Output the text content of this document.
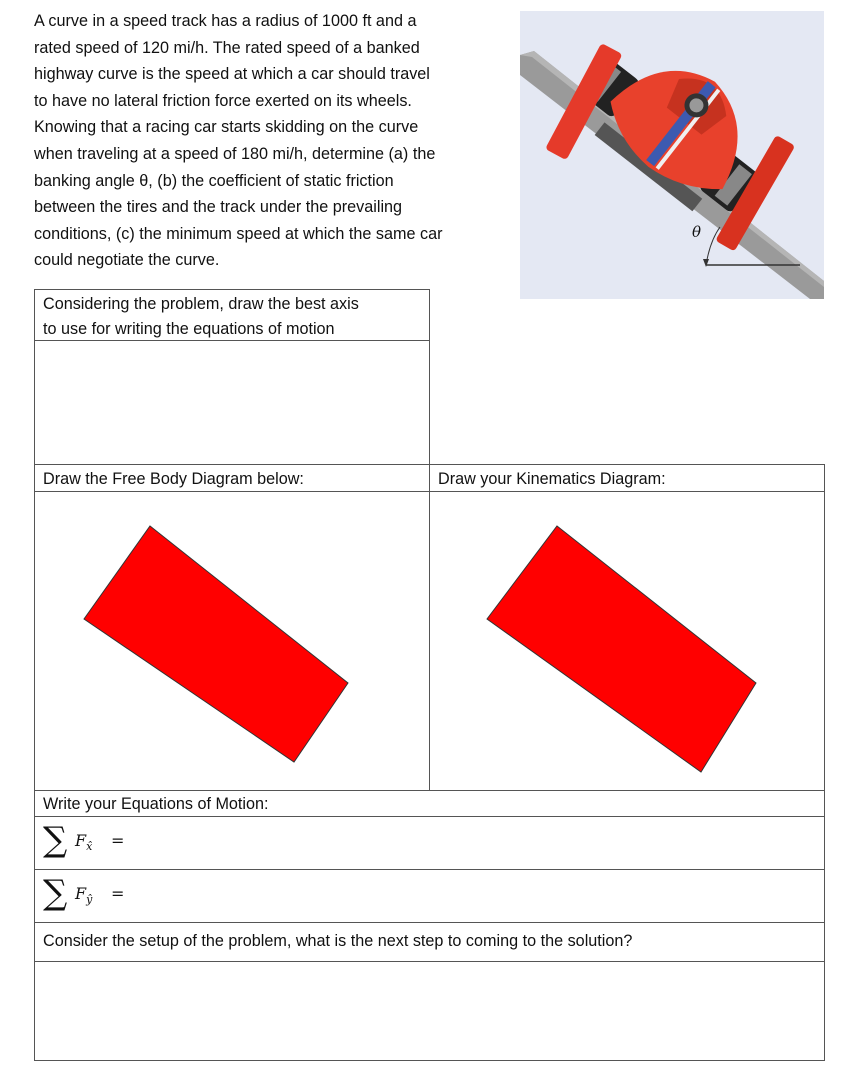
A curve in a speed track has a radius of 1000 ft and a
rated speed of 120 mi/h. The rated speed of a banked
highway curve is the speed at which a car should travel
to have no lateral friction force exerted on its wheels.
Knowing that a racing car starts skidding on the curve
when traveling at a speed of 180 mi/h, determine (a) the
banking angle θ, (b) the coefficient of static friction
between the tires and the track under the prevailing
conditions, (c) the minimum speed at which the same car
could negotiate the curve.
θ
Considering the problem, draw the best axis
to use for writing the equations of motion
Draw the Free Body Diagram below:	Draw your Kinematics Diagram:
Write your Equations of Motion:
∑ $F_{x̂}$ =
∑ $F_ŷ$ =
Consider the setup of the problem, what is the next step to coming to the solution?
